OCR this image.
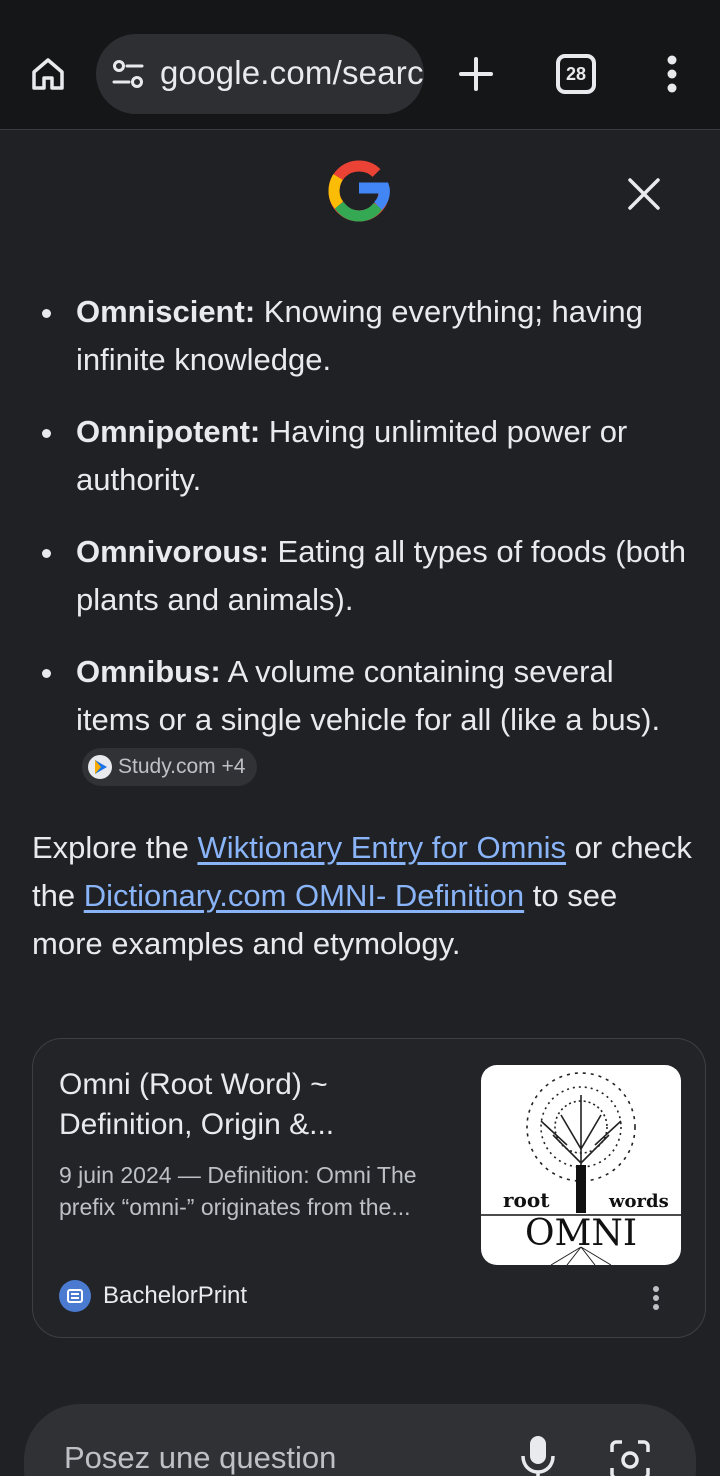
google.com/searc	28
Omniscient: Knowing everything; having infinite knowledge.
Omnipotent: Having unlimited power or authority.
Omnivorous: Eating all types of foods (both plants and animals).
Omnibus: A volume containing several items or a single vehicle for all (like a bus).
Study.com +4

Explore the Wiktionary Entry for Omnis or check the Dictionary.com OMNI- Definition to see more examples and etymology.

Omni (Root Word) ~ Definition, Origin &...
9 juin 2024 — Definition: Omni The prefix “omni-” originates from the...	root	words
OMNI
BachelorPrint
Posez une question
